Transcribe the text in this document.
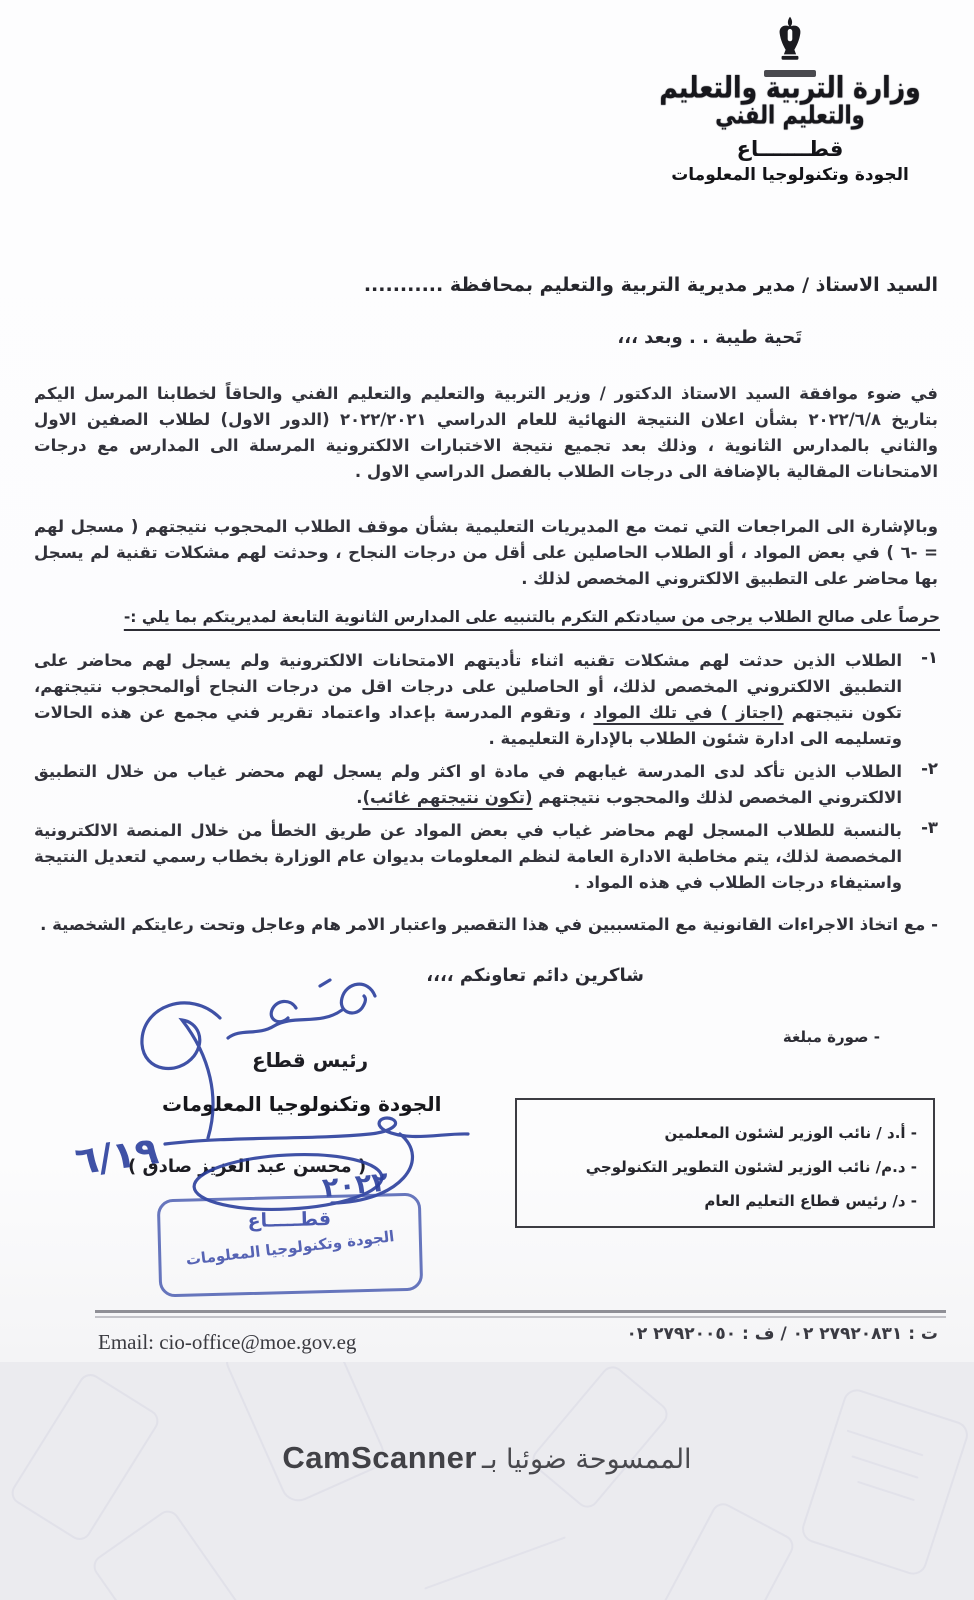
وزارة التربية والتعليم
والتعليم الفني
قطـــــــاع
الجودة وتكنولوجيا المعلومات
السيد الاستاذ / مدير مديرية التربية والتعليم بمحافظة ...........
تَحية طيبة . . وبعد ،،،
في ضوء موافقة السيد الاستاذ الدكتور / وزير التربية والتعليم والتعليم الفني والحاقاً لخطابنا المرسل اليكم بتاريخ ٢٠٢٢/٦/٨ بشأن اعلان النتيجة النهائية للعام الدراسي ٢٠٢٢/٢٠٢١ (الدور الاول) لطلاب الصفين الاول والثاني بالمدارس الثانوية ، وذلك بعد تجميع نتيجة الاختبارات الالكترونية المرسلة الى المدارس مع درجات الامتحانات المقالية بالإضافة الى درجات الطلاب بالفصل الدراسي الاول .
وبالإشارة الى المراجعات التي تمت مع المديريات التعليمية بشأن موقف الطلاب المحجوب نتيجتهم ( مسجل لهم = -٦ ) في بعض المواد ، أو الطلاب الحاصلين على أقل من درجات النجاح ، وحدثت لهم مشكلات تقنية لم يسجل بها محاضر على التطبيق الالكتروني المخصص لذلك .
حرصاً على صالح الطلاب يرجى من سيادتكم التكرم بالتنبيه على المدارس الثانوية التابعة لمديريتكم بما يلي :-
١-
الطلاب الذين حدثت لهم مشكلات تقنيه اثناء تأديتهم الامتحانات الالكترونية ولم يسجل لهم محاضر على التطبيق الالكتروني المخصص لذلك، أو الحاصلين على درجات اقل من درجات النجاح أوالمحجوب نتيجتهم، تكون نتيجتهم (اجتاز ) في تلك المواد ، وتقوم المدرسة بإعداد واعتماد تقرير فني مجمع عن هذه الحالات وتسليمه الى ادارة شئون الطلاب بالإدارة التعليمية .
٢-
الطلاب الذين تأكد لدى المدرسة غيابهم في مادة او اكثر ولم يسجل لهم محضر غياب من خلال التطبيق الالكتروني المخصص لذلك والمحجوب نتيجتهم (تكون نتيجتهم غائب).
٣-
بالنسبة للطلاب المسجل لهم محاضر غياب في بعض المواد عن طريق الخطأ من خلال المنصة الالكترونية المخصصة لذلك، يتم مخاطبة الادارة العامة لنظم المعلومات بديوان عام الوزارة بخطاب رسمي لتعديل النتيجة واستيفاء درجات الطلاب في هذه المواد .
- مع اتخاذ الاجراءات القانونية مع المتسببين في هذا التقصير واعتبار الامر هام وعاجل وتحت رعايتكم الشخصية .
شاكرين دائم تعاونكم ،،،،
رئيس قطاع
الجودة وتكنولوجيا المعلومات
( محسن عبد العزيز صادق )
٦/١٩
٢٠٢٢
قطـــــاع
الجودة وتكنولوجيا المعلومات
- صورة مبلغة
- أ.د / نائب الوزير لشئون المعلمين
- د.م/ نائب الوزير لشئون التطوير التكنولوجي
- د/ رئيس قطاع التعليم العام
ت : ٢٧٩٢٠٨٣١ ٠٢ / ف : ٢٧٩٢٠٠٥٠ ٠٢
Email: cio-office@moe.gov.eg
الممسوحة ضوئيا بـ CamScanner
